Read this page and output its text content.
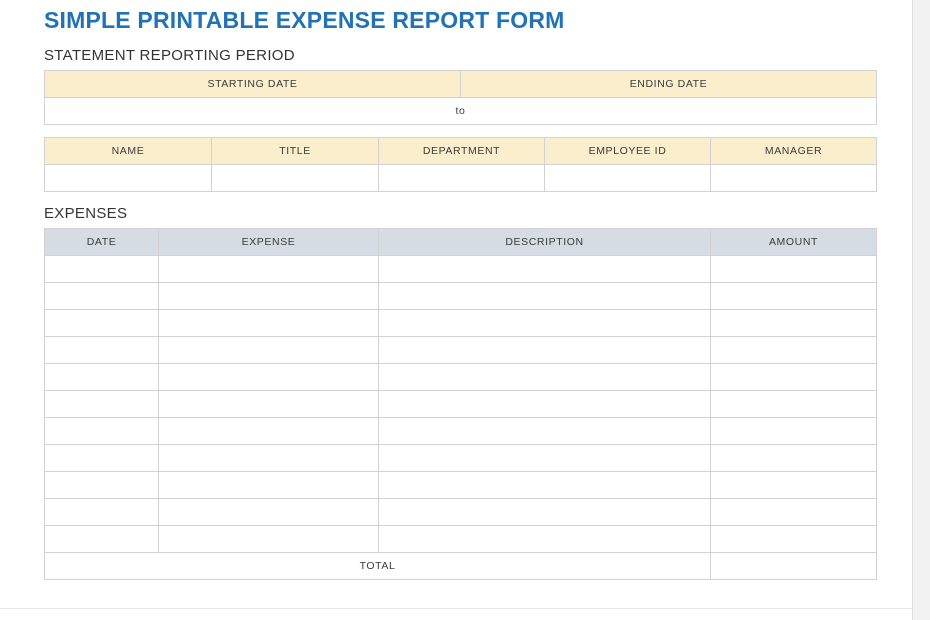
SIMPLE PRINTABLE EXPENSE REPORT FORM
STATEMENT REPORTING PERIOD
STARTING DATE	ENDING DATE
to
NAME	TITLE	DEPARTMENT	EMPLOYEE ID	MANAGER

EXPENSES
DATE	EXPENSE	DESCRIPTION	AMOUNT

TOTAL			
